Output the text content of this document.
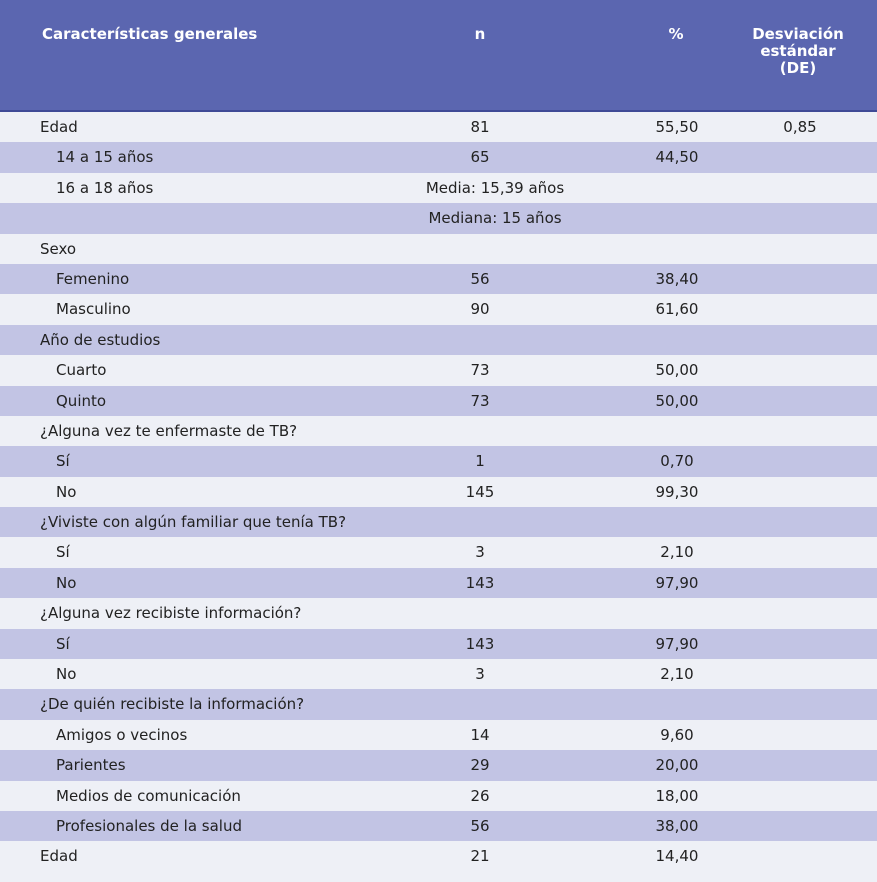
Características generales	n	%	Desviación estándar (DE)
Edad	81	55,50	0,85
14 a 15 años	65	44,50
16 a 18 años	Media: 15,39 años
Mediana: 15 años
Sexo
Femenino	56	38,40
Masculino	90	61,60
Año de estudios
Cuarto	73	50,00
Quinto	73	50,00
¿Alguna vez te enfermaste de TB?
Sí	1	0,70
No	145	99,30
¿Viviste con algún familiar que tenía TB?
Sí	3	2,10
No	143	97,90
¿Alguna vez recibiste información?
Sí	143	97,90
No	3	2,10
¿De quién recibiste la información?
Amigos o vecinos	14	9,60
Parientes	29	20,00
Medios de comunicación	26	18,00
Profesionales de la salud	56	38,00
Edad	21	14,40
